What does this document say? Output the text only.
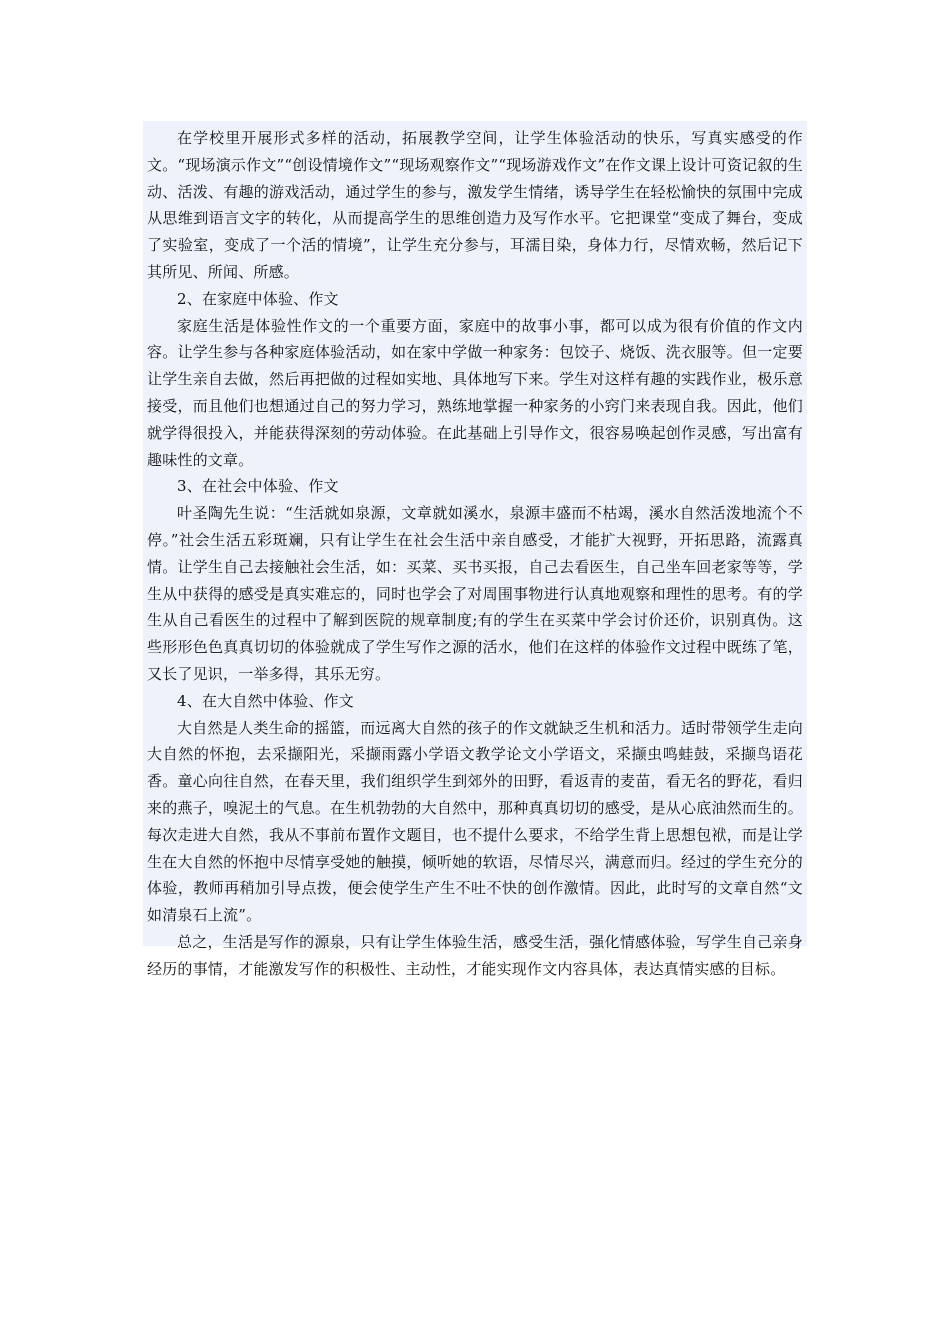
在学校里开展形式多样的活动，拓展教学空间，让学生体验活动的快乐，写真实感受的作文。“现场演示作文”“创设情境作文”“现场观察作文”“现场游戏作文”在作文课上设计可资记叙的生动、活泼、有趣的游戏活动，通过学生的参与，激发学生情绪，诱导学生在轻松愉快的氛围中完成从思维到语言文字的转化，从而提高学生的思维创造力及写作水平。它把课堂“变成了舞台，变成了实验室，变成了一个活的情境”，让学生充分参与，耳濡目染，身体力行，尽情欢畅，然后记下其所见、所闻、所感。

2、在家庭中体验、作文

家庭生活是体验性作文的一个重要方面，家庭中的故事小事，都可以成为很有价值的作文内容。让学生参与各种家庭体验活动，如在家中学做一种家务：包饺子、烧饭、洗衣服等。但一定要让学生亲自去做，然后再把做的过程如实地、具体地写下来。学生对这样有趣的实践作业，极乐意接受，而且他们也想通过自己的努力学习，熟练地掌握一种家务的小窍门来表现自我。因此，他们就学得很投入，并能获得深刻的劳动体验。在此基础上引导作文，很容易唤起创作灵感，写出富有趣味性的文章。

3、在社会中体验、作文

叶圣陶先生说：“生活就如泉源，文章就如溪水，泉源丰盛而不枯竭，溪水自然活泼地流个不停。”社会生活五彩斑斓，只有让学生在社会生活中亲自感受，才能扩大视野，开拓思路，流露真情。让学生自己去接触社会生活，如：买菜、买书买报，自己去看医生，自己坐车回老家等等，学生从中获得的感受是真实难忘的，同时也学会了对周围事物进行认真地观察和理性的思考。有的学生从自己看医生的过程中了解到医院的规章制度;有的学生在买菜中学会讨价还价，识别真伪。这些形形色色真真切切的体验就成了学生写作之源的活水，他们在这样的体验作文过程中既练了笔，又长了见识，一举多得，其乐无穷。

4、在大自然中体验、作文

大自然是人类生命的摇篮，而远离大自然的孩子的作文就缺乏生机和活力。适时带领学生走向大自然的怀抱，去采撷阳光，采撷雨露小学语文教学论文小学语文，采撷虫鸣蛙鼓，采撷鸟语花香。童心向往自然，在春天里，我们组织学生到郊外的田野，看返青的麦苗，看无名的野花，看归来的燕子，嗅泥土的气息。在生机勃勃的大自然中，那种真真切切的感受，是从心底油然而生的。每次走进大自然，我从不事前布置作文题目，也不提什么要求，不给学生背上思想包袱，而是让学生在大自然的怀抱中尽情享受她的触摸，倾听她的软语，尽情尽兴，满意而归。经过的学生充分的体验，教师再稍加引导点拨，便会使学生产生不吐不快的创作激情。因此，此时写的文章自然“文如清泉石上流”。

总之，生活是写作的源泉，只有让学生体验生活，感受生活，强化情感体验，写学生自己亲身经历的事情，才能激发写作的积极性、主动性，才能实现作文内容具体，表达真情实感的目标。
